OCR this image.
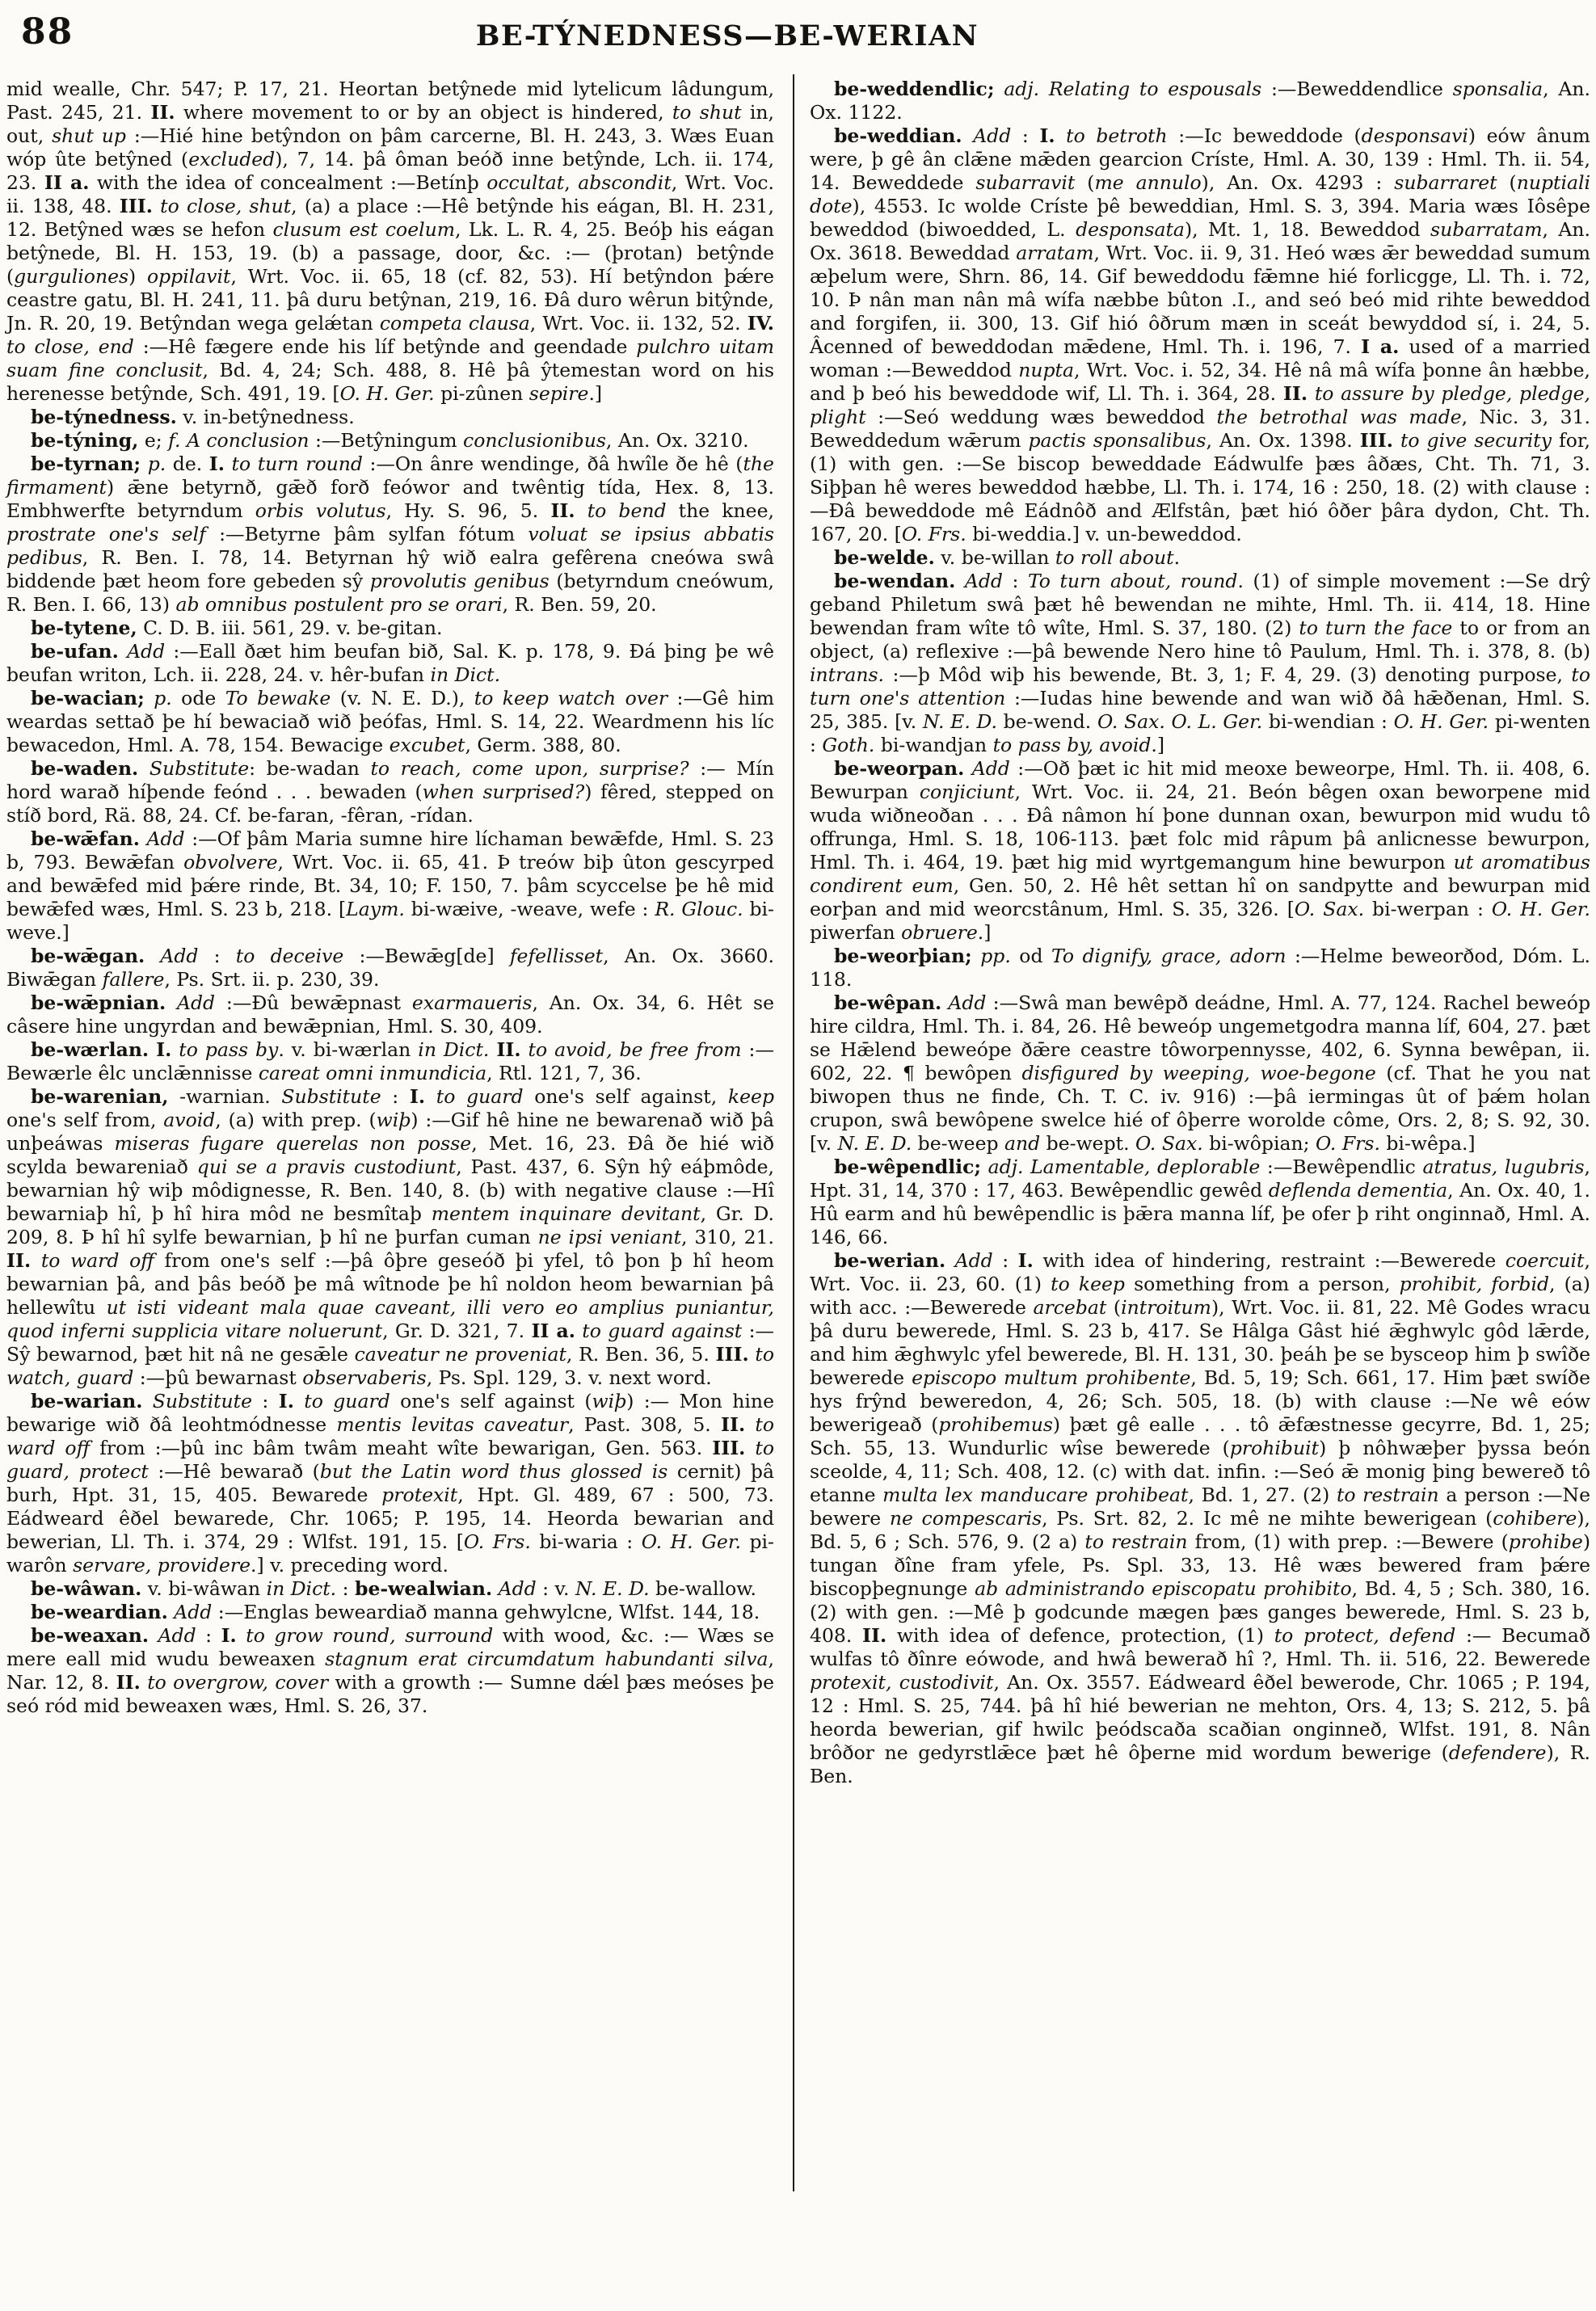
88	BE-TÝNEDNESS—BE-WERIAN

mid wealle, Chr. 547; P. 17, 21. Heortan betŷnede mid lytelicum lâdungum, Past. 245, 21. II. where movement to or by an object is hindered, to shut in, out, shut up :—Hié hine betŷndon on þâm carcerne, Bl. H. 243, 3. Wæs Euan wóp ûte betŷned (excluded), 7, 14. þâ ôman beóð inne betŷnde, Lch. ii. 174, 23. II a. with the idea of concealment :—Betínþ occultat, abscondit, Wrt. Voc. ii. 138, 48. III. to close, shut, (a) a place :—Hê betŷnde his eágan, Bl. H. 231, 12. Betŷned wæs se hefon clusum est coelum, Lk. L. R. 4, 25. Beóþ his eágan betŷnede, Bl. H. 153, 19. (b) a passage, door, &c. :— (þrotan) betŷnde (gurguliones) oppilavit, Wrt. Voc. ii. 65, 18 (cf. 82, 53). Hí betŷndon þǽre ceastre gatu, Bl. H. 241, 11. þâ duru betŷnan, 219, 16. Ðâ duro wêrun bitŷnde, Jn. R. 20, 19. Betŷndan wega gelǽtan competa clausa, Wrt. Voc. ii. 132, 52. IV. to close, end :—Hê fægere ende his líf betŷnde and geendade pulchro uitam suam fine conclusit, Bd. 4, 24; Sch. 488, 8. Hê þâ ŷtemestan word on his herenesse betŷnde, Sch. 491, 19. [O. H. Ger. pi-zûnen sepire.]

be-týnedness. v. in-betŷnedness.

be-týning, e; f. A conclusion :—Betŷningum conclusionibus, An. Ox. 3210.

be-tyrnan; p. de. I. to turn round :—On ânre wendinge, ðâ hwîle ðe hê (the firmament) ǣne betyrnð, gǣð forð feówor and twêntig tída, Hex. 8, 13. Embhwerfte betyrndum orbis volutus, Hy. S. 96, 5. II. to bend the knee, prostrate one's self :—Betyrne þâm sylfan fótum voluat se ipsius abbatis pedibus, R. Ben. I. 78, 14. Betyrnan hŷ wið ealra gefêrena cneówa swâ biddende þæt heom fore gebeden sŷ provolutis genibus (betyrndum cneówum, R. Ben. I. 66, 13) ab omnibus postulent pro se orari, R. Ben. 59, 20.

be-tytene, C. D. B. iii. 561, 29. v. be-gitan.

be-ufan. Add :—Eall ðæt him beufan bið, Sal. K. p. 178, 9. Ðá þing þe wê beufan writon, Lch. ii. 228, 24. v. hêr-bufan in Dict.

be-wacian; p. ode To bewake (v. N. E. D.), to keep watch over :—Gê him weardas settað þe hí bewaciað wið þeófas, Hml. S. 14, 22. Weardmenn his líc bewacedon, Hml. A. 78, 154. Bewacige excubet, Germ. 388, 80.

be-waden. Substitute: be-wadan to reach, come upon, surprise? :— Mín hord warað híþende feónd . . . bewaden (when surprised?) fêred, stepped on stíð bord, Rä. 88, 24. Cf. be-faran, -fêran, -rídan.

be-wǣfan. Add :—Of þâm Maria sumne hire líchaman bewǣfde, Hml. S. 23 b, 793. Bewǣfan obvolvere, Wrt. Voc. ii. 65, 41. Þ treów biþ ûton gescyrped and bewǣfed mid þǽre rinde, Bt. 34, 10; F. 150, 7. þâm scyccelse þe hê mid bewǣfed wæs, Hml. S. 23 b, 218. [Laym. bi-wæive, -weave, wefe : R. Glouc. bi-weve.]

be-wǣgan. Add : to deceive :—Bewǣg[de] fefellisset, An. Ox. 3660. Biwǣgan fallere, Ps. Srt. ii. p. 230, 39.

be-wǣpnian. Add :—Ðû bewǣpnast exarmaueris, An. Ox. 34, 6. Hêt se câsere hine ungyrdan and bewǣpnian, Hml. S. 30, 409.

be-wærlan. I. to pass by. v. bi-wærlan in Dict. II. to avoid, be free from :—Bewærle êlc unclǣnnisse careat omni inmundicia, Rtl. 121, 7, 36.

be-warenian, -warnian. Substitute : I. to guard one's self against, keep one's self from, avoid, (a) with prep. (wiþ) :—Gif hê hine ne bewarenað wið þâ unþeáwas miseras fugare querelas non posse, Met. 16, 23. Ðâ ðe hié wið scylda bewareniað qui se a pravis custodiunt, Past. 437, 6. Sŷn hŷ eáþmôde, bewarnian hŷ wiþ môdignesse, R. Ben. 140, 8. (b) with negative clause :—Hî bewarniaþ hî, þ hî hira môd ne besmîtaþ mentem inquinare devitant, Gr. D. 209, 8. Þ hî hî sylfe bewarnian, þ hî ne þurfan cuman ne ipsi veniant, 310, 21. II. to ward off from one's self :—þâ ôþre geseóð þi yfel, tô þon þ hî heom bewarnian þâ, and þâs beóð þe mâ wîtnode þe hî noldon heom bewarnian þâ hellewîtu ut isti videant mala quae caveant, illi vero eo amplius puniantur, quod inferni supplicia vitare noluerunt, Gr. D. 321, 7. II a. to guard against :—Sŷ bewarnod, þæt hit nâ ne gesǣle caveatur ne proveniat, R. Ben. 36, 5. III. to watch, guard :—þû bewarnast observaberis, Ps. Spl. 129, 3. v. next word.

be-warian. Substitute : I. to guard one's self against (wiþ) :— Mon hine bewarige wið ðâ leohtmódnesse mentis levitas caveatur, Past. 308, 5. II. to ward off from :—þû inc bâm twâm meaht wîte bewarigan, Gen. 563. III. to guard, protect :—Hê bewarað (but the Latin word thus glossed is cernit) þâ burh, Hpt. 31, 15, 405. Bewarede protexit, Hpt. Gl. 489, 67 : 500, 73. Eádweard êðel bewarede, Chr. 1065; P. 195, 14. Heorda bewarian and bewerian, Ll. Th. i. 374, 29 : Wlfst. 191, 15. [O. Frs. bi-waria : O. H. Ger. pi-warôn servare, providere.] v. preceding word.

be-wâwan. v. bi-wâwan in Dict. : be-wealwian. Add : v. N. E. D. be-wallow.

be-weardian. Add :—Englas beweardiað manna gehwylcne, Wlfst. 144, 18.

be-weaxan. Add : I. to grow round, surround with wood, &c. :— Wæs se mere eall mid wudu beweaxen stagnum erat circumdatum habundanti silva, Nar. 12, 8. II. to overgrow, cover with a growth :— Sumne dǽl þæs meóses þe seó ród mid beweaxen wæs, Hml. S. 26, 37.

be-weddendlic; adj. Relating to espousals :—Beweddendlice sponsalia, An. Ox. 1122.

be-weddian. Add : I. to betroth :—Ic beweddode (desponsavi) eów ânum were, þ gê ân clǣne mǣden gearcion Críste, Hml. A. 30, 139 : Hml. Th. ii. 54, 14. Beweddede subarravit (me annulo), An. Ox. 4293 : subarraret (nuptiali dote), 4553. Ic wolde Críste þê beweddian, Hml. S. 3, 394. Maria wæs Iôsêpe beweddod (biwoedded, L. desponsata), Mt. 1, 18. Beweddod subarratam, An. Ox. 3618. Beweddad arratam, Wrt. Voc. ii. 9, 31. Heó wæs ǣr beweddad sumum æþelum were, Shrn. 86, 14. Gif beweddodu fǣmne hié forlicgge, Ll. Th. i. 72, 10. Þ nân man nân mâ wífa næbbe bûton .I., and seó beó mid rihte beweddod and forgifen, ii. 300, 13. Gif hió ôðrum mæn in sceát bewyddod sí, i. 24, 5. Âcenned of beweddodan mǣdene, Hml. Th. i. 196, 7. I a. used of a married woman :—Beweddod nupta, Wrt. Voc. i. 52, 34. Hê nâ mâ wífa þonne ân hæbbe, and þ beó his beweddode wif, Ll. Th. i. 364, 28. II. to assure by pledge, pledge, plight :—Seó weddung wæs beweddod the betrothal was made, Nic. 3, 31. Beweddedum wǣrum pactis sponsalibus, An. Ox. 1398. III. to give security for, (1) with gen. :—Se biscop beweddade Eádwulfe þæs âðæs, Cht. Th. 71, 3. Siþþan hê weres beweddod hæbbe, Ll. Th. i. 174, 16 : 250, 18. (2) with clause :—Ðâ beweddode mê Eádnôð and Ælfstân, þæt hió ôðer þâra dydon, Cht. Th. 167, 20. [O. Frs. bi-weddia.] v. un-beweddod.

be-welde. v. be-willan to roll about.

be-wendan. Add : To turn about, round. (1) of simple movement :—Se drŷ geband Philetum swâ þæt hê bewendan ne mihte, Hml. Th. ii. 414, 18. Hine bewendan fram wîte tô wîte, Hml. S. 37, 180. (2) to turn the face to or from an object, (a) reflexive :—þâ bewende Nero hine tô Paulum, Hml. Th. i. 378, 8. (b) intrans. :—þ Môd wiþ his bewende, Bt. 3, 1; F. 4, 29. (3) denoting purpose, to turn one's attention :—Iudas hine bewende and wan wið ðâ hǣðenan, Hml. S. 25, 385. [v. N. E. D. be-wend. O. Sax. O. L. Ger. bi-wendian : O. H. Ger. pi-wenten : Goth. bi-wandjan to pass by, avoid.]

be-weorpan. Add :—Oð þæt ic hit mid meoxe beweorpe, Hml. Th. ii. 408, 6. Bewurpan conjiciunt, Wrt. Voc. ii. 24, 21. Beón bêgen oxan beworpene mid wuda wiðneoðan . . . Ðâ nâmon hí þone dunnan oxan, bewurpon mid wudu tô offrunga, Hml. S. 18, 106-113. þæt folc mid râpum þâ anlicnesse bewurpon, Hml. Th. i. 464, 19. þæt hig mid wyrtgemangum hine bewurpon ut aromatibus condirent eum, Gen. 50, 2. Hê hêt settan hî on sandpytte and bewurpan mid eorþan and mid weorcstânum, Hml. S. 35, 326. [O. Sax. bi-werpan : O. H. Ger. piwerfan obruere.]

be-weorþian; pp. od To dignify, grace, adorn :—Helme beweorðod, Dóm. L. 118.

be-wêpan. Add :—Swâ man bewêpð deádne, Hml. A. 77, 124. Rachel beweóp hire cildra, Hml. Th. i. 84, 26. Hê beweóp ungemetgodra manna líf, 604, 27. þæt se Hǣlend beweópe ðǣre ceastre tôworpennysse, 402, 6. Synna bewêpan, ii. 602, 22. ¶ bewôpen disfigured by weeping, woe-begone (cf. That he you nat biwopen thus ne finde, Ch. T. C. iv. 916) :—þâ iermingas ût of þǽm holan crupon, swâ bewôpene swelce hié of ôþerre worolde côme, Ors. 2, 8; S. 92, 30. [v. N. E. D. be-weep and be-wept. O. Sax. bi-wôpian; O. Frs. bi-wêpa.]

be-wêpendlic; adj. Lamentable, deplorable :—Bewêpendlic atratus, lugubris, Hpt. 31, 14, 370 : 17, 463. Bewêpendlic gewêd deflenda dementia, An. Ox. 40, 1. Hû earm and hû bewêpendlic is þǣra manna líf, þe ofer þ riht onginnað, Hml. A. 146, 66.

be-werian. Add : I. with idea of hindering, restraint :—Bewerede coercuit, Wrt. Voc. ii. 23, 60. (1) to keep something from a person, prohibit, forbid, (a) with acc. :—Bewerede arcebat (introitum), Wrt. Voc. ii. 81, 22. Mê Godes wracu þâ duru bewerede, Hml. S. 23 b, 417. Se Hâlga Gâst hié ǣghwylc gôd lǣrde, and him ǣghwylc yfel bewerede, Bl. H. 131, 30. þeáh þe se bysceop him þ swîðe bewerede episcopo multum prohibente, Bd. 5, 19; Sch. 661, 17. Him þæt swíðe hys frŷnd beweredon, 4, 26; Sch. 505, 18. (b) with clause :—Ne wê eów bewerigeað (prohibemus) þæt gê ealle . . . tô ǣfæstnesse gecyrre, Bd. 1, 25; Sch. 55, 13. Wundurlic wîse bewerede (prohibuit) þ nôhwæþer þyssa beón sceolde, 4, 11; Sch. 408, 12. (c) with dat. infin. :—Seó ǣ monig þing bewereð tô etanne multa lex manducare prohibeat, Bd. 1, 27. (2) to restrain a person :—Ne bewere ne compescaris, Ps. Srt. 82, 2. Ic mê ne mihte bewerigean (cohibere), Bd. 5, 6 ; Sch. 576, 9. (2 a) to restrain from, (1) with prep. :—Bewere (prohibe) tungan ðîne fram yfele, Ps. Spl. 33, 13. Hê wæs bewered fram þǽre biscopþegnunge ab administrando episcopatu prohibito, Bd. 4, 5 ; Sch. 380, 16. (2) with gen. :—Mê þ godcunde mægen þæs ganges bewerede, Hml. S. 23 b, 408. II. with idea of defence, protection, (1) to protect, defend :— Becumað wulfas tô ðînre eówode, and hwâ bewerað hî ?, Hml. Th. ii. 516, 22. Bewerede protexit, custodivit, An. Ox. 3557. Eádweard êðel bewerode, Chr. 1065 ; P. 194, 12 : Hml. S. 25, 744. þâ hî hié bewerian ne mehton, Ors. 4, 13; S. 212, 5. þâ heorda bewerian, gif hwilc þeódscaða scaðian onginneð, Wlfst. 191, 8. Nân brôðor ne gedyrstlǣce þæt hê ôþerne mid wordum bewerige (defendere), R. Ben.
